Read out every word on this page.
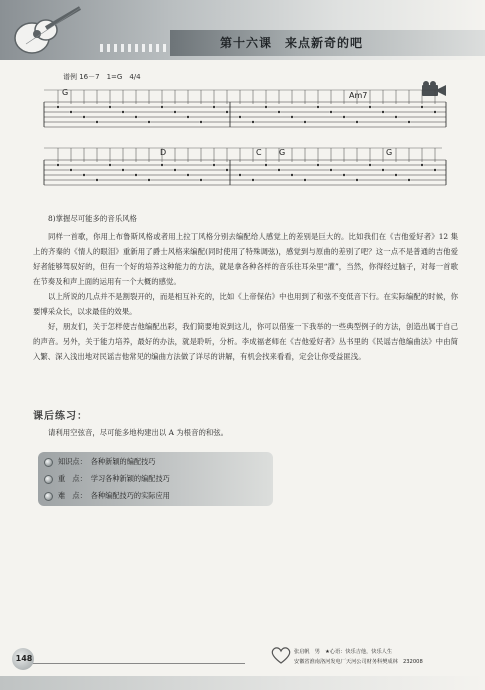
第十六课　来点新奇的吧
谱例 16－7　1=G　4/4
G	Am7
D	C G	G
8)掌握尽可能多的音乐风格

同样一首歌，你用上布鲁斯风格或者用上拉丁风格分别去编配给人感觉上的差别是巨大的。比如我们在《吉他爱好者》12 集上的齐秦的《情人的眼泪》重新用了爵士风格来编配(同时使用了特殊调弦)，感觉到与原曲的差别了吧？这一点不是普通的吉他爱好者能够驾驭好的，但有一个好的培养这种能力的方法，就是拿各种各样的音乐往耳朵里“灌”，当然，你得经过脑子，对每一首歌在节奏及和声上面的运用有一个大概的感觉。

以上所说的几点并不是割裂开的，而是相互补充的，比如《上帝保佑》中也用到了和弦不变低音下行。在实际编配的时候，你要博采众长，以求最佳的效果。

好，朋友们，关于怎样使吉他编配出彩，我们简要地说到这儿，你可以借鉴一下我举的一些典型例子的方法，创造出属于自己的声音。另外，关于能力培养，最好的办法，就是聆听，分析。李成福老师在《吉他爱好者》丛书里的《民谣吉他编曲法》中由简入繁、深入浅出地对民谣吉他常见的编曲方法做了详尽的讲解，有机会找来看看，定会让你受益匪浅。

课后练习：
请利用空弦音，尽可能多地构建出以 A 为根音的和弦。
知识点： 各种新颖的编配技巧
重　点： 学习各种新颖的编配技巧
难　点： 各种编配技巧的实际应用
148
张启帆　男　★心语：快乐吉他，快乐人生
安徽省淮南洛河发电厂天河公司财务科樊成林　232008
